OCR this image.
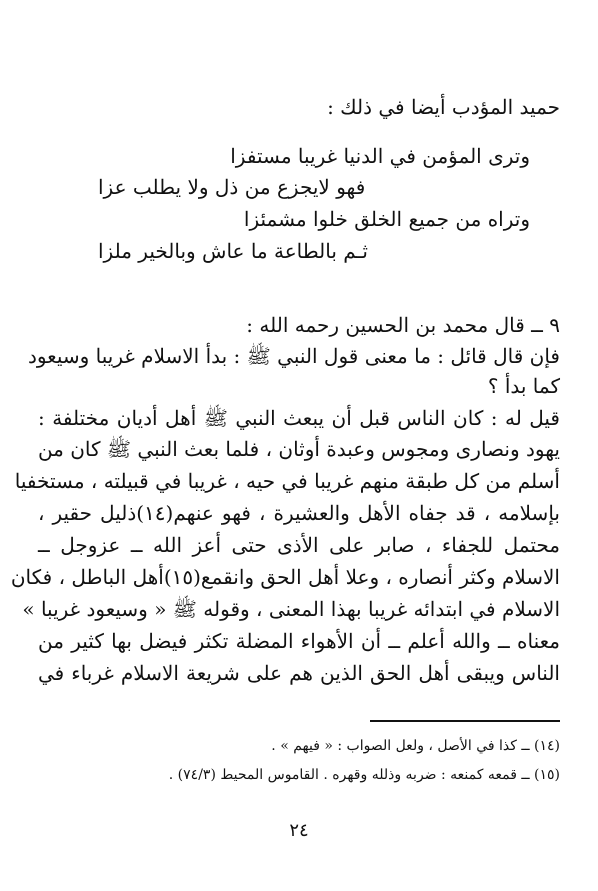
حميد المؤدب أيضا في ذلك :
وترى المؤمن في الدنيا غريبا مستفزا
فهو لايجزع من ذل ولا يطلب عزا
وتراه من جميع الخلق خلوا مشمئزا
ثـم بالطاعة ما عاش وبالخير ملزا
٩ ــ قال محمد بن الحسين رحمه الله :
فإن قال قائل : ما معنى قول النبي ﷺ : بدأ الاسلام غريبا وسيعود
كما بدأ ؟
قيل له : كان الناس قبل أن يبعث النبي ﷺ أهل أديان مختلفة :
يهود ونصارى ومجوس وعبدة أوثان ، فلما بعث النبي ﷺ كان من
أسلم من كل طبقة منهم غريبا في حيه ، غريبا في قبيلته ، مستخفيا
بإسلامه ، قد جفاه الأهل والعشيرة ، فهو عنهم(١٤)ذليل حقير ،
محتمل للجفاء ، صابر على الأذى حتى أعز الله ــ عزوجل ــ
الاسلام وكثر أنصاره ، وعلا أهل الحق وانقمع(١٥)أهل الباطل ، فكان
الاسلام في ابتدائه غريبا بهذا المعنى ، وقوله ﷺ « وسيعود غريبا »
معناه ــ والله أعلم ــ أن الأهواء المضلة تكثر فيضل بها كثير من
الناس ويبقى أهل الحق الذين هم على شريعة الاسلام غرباء في
(١٤) ــ كذا في الأصل ، ولعل الصواب : « فيهم » .
(١٥) ــ قمعه كمنعه : ضربه وذلله وقهره . القاموس المحيط (٧٤/٣) .
٢٤
